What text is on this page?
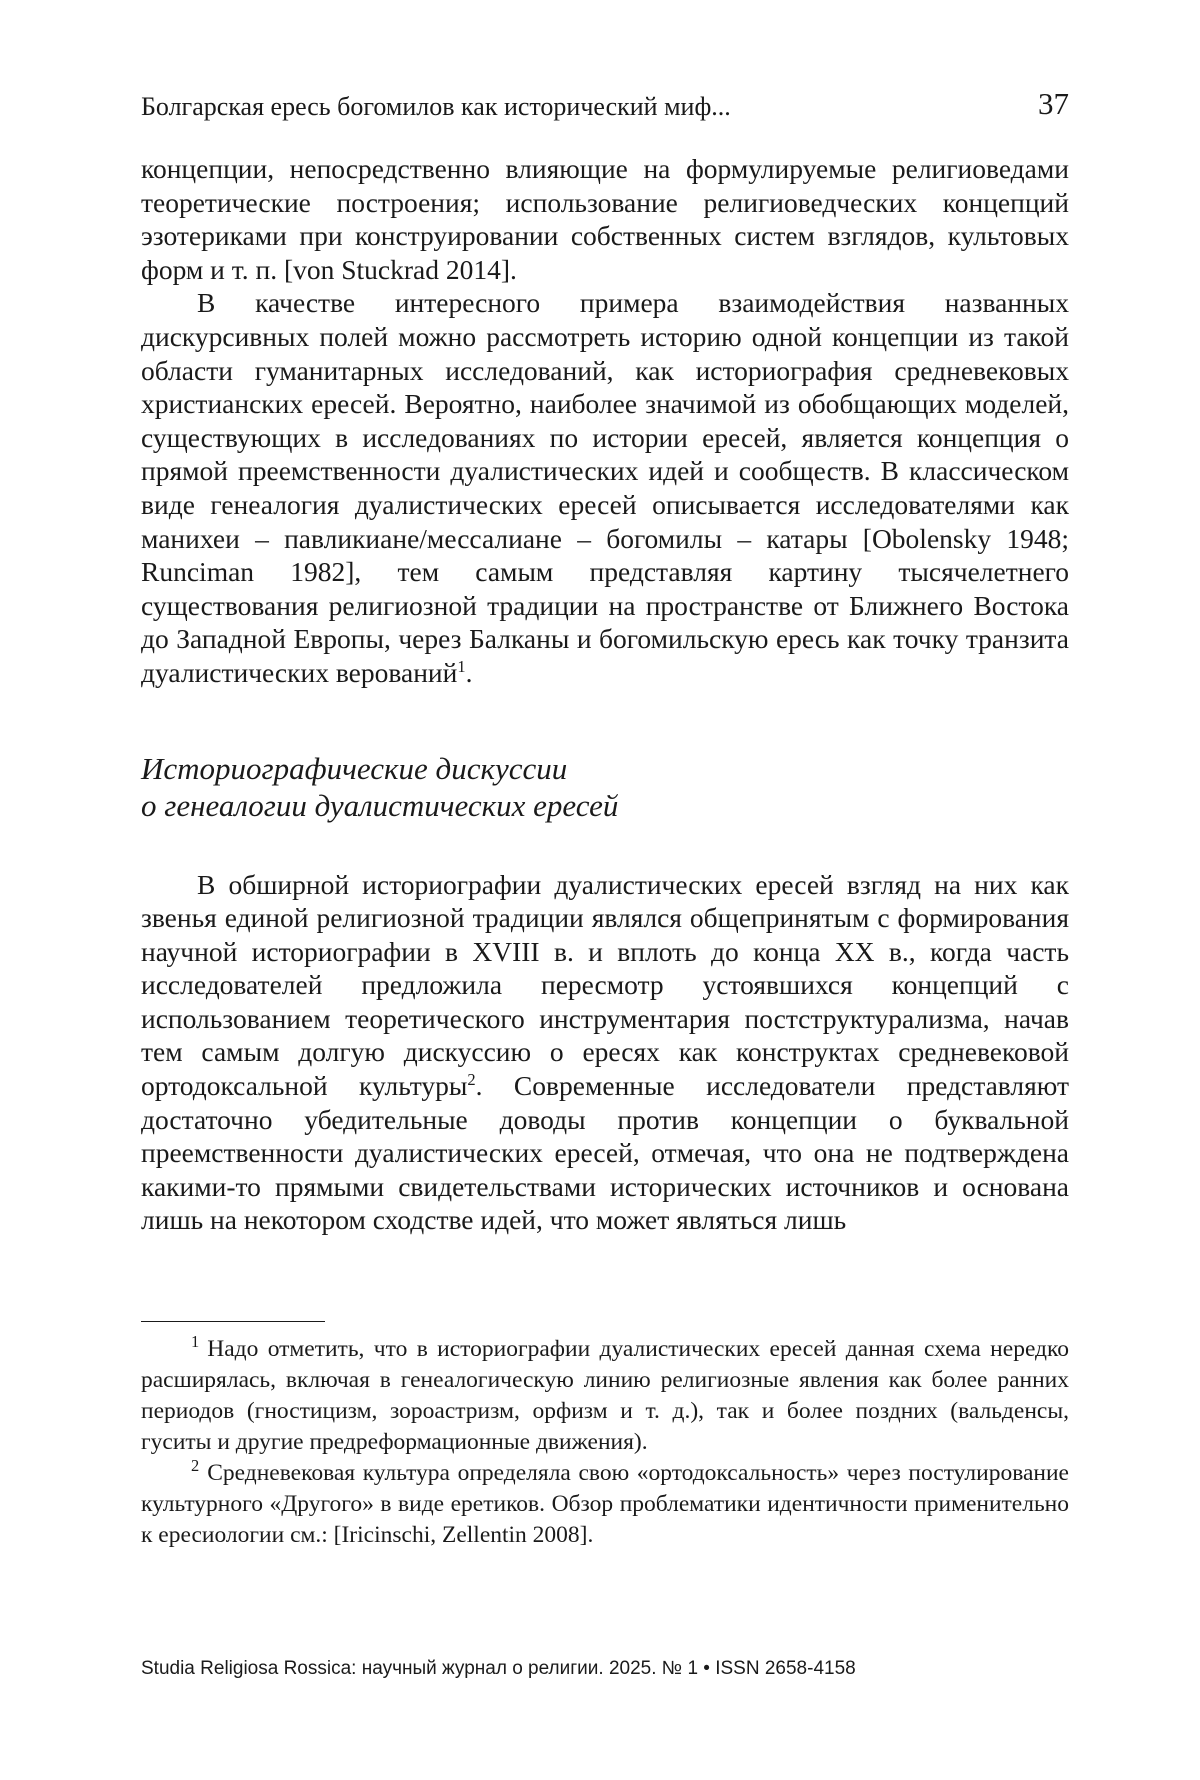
Болгарская ересь богомилов как исторический миф...	37

концепции, непосредственно влияющие на формулируемые религиоведами теоретические построения; использование религиоведческих концепций эзотериками при конструировании собственных систем взглядов, культовых форм и т. п. [von Stuckrad 2014].

В качестве интересного примера взаимодействия названных дискурсивных полей можно рассмотреть историю одной концепции из такой области гуманитарных исследований, как историография средневековых христианских ересей. Вероятно, наиболее значимой из обобщающих моделей, существующих в исследованиях по истории ересей, является концепция о прямой преемственности дуалистических идей и сообществ. В классическом виде генеалогия дуалистических ересей описывается исследователями как манихеи – павликиане/мессалиане – богомилы – катары [Obolensky 1948; Runciman 1982], тем самым представляя картину тысячелетнего существования религиозной традиции на пространстве от Ближнего Востока до Западной Европы, через Балканы и богомильскую ересь как точку транзита дуалистических верований$^1$.

Историографические дискуссии

о генеалогии дуалистических ересей

В обширной историографии дуалистических ересей взгляд на них как звенья единой религиозной традиции являлся общепринятым с формирования научной историографии в XVIII в. и вплоть до конца XX в., когда часть исследователей предложила пересмотр устоявшихся концепций с использованием теоретического инструментария постструктурализма, начав тем самым долгую дискуссию о ересях как конструктах средневековой ортодоксальной культуры$^2$. Современные исследователи представляют достаточно убедительные доводы против концепции о буквальной преемственности дуалистических ересей, отмечая, что она не подтверждена какими-то прямыми свидетельствами исторических источников и основана лишь на некотором сходстве идей, что может являться лишь

$^1$ Надо отметить, что в историографии дуалистических ересей данная схема нередко расширялась, включая в генеалогическую линию религиозные явления как более ранних периодов (гностицизм, зороастризм, орфизм и т. д.), так и более поздних (вальденсы, гуситы и другие предреформационные движения).

$^2$ Средневековая культура определяла свою «ортодоксальность» через постулирование культурного «Другого» в виде еретиков. Обзор проблематики идентичности применительно к ересиологии см.: [Iricinschi, Zellentin 2008].

Studia Religiosa Rossica: научный журнал о религии. 2025. № 1 • ISSN 2658-4158
